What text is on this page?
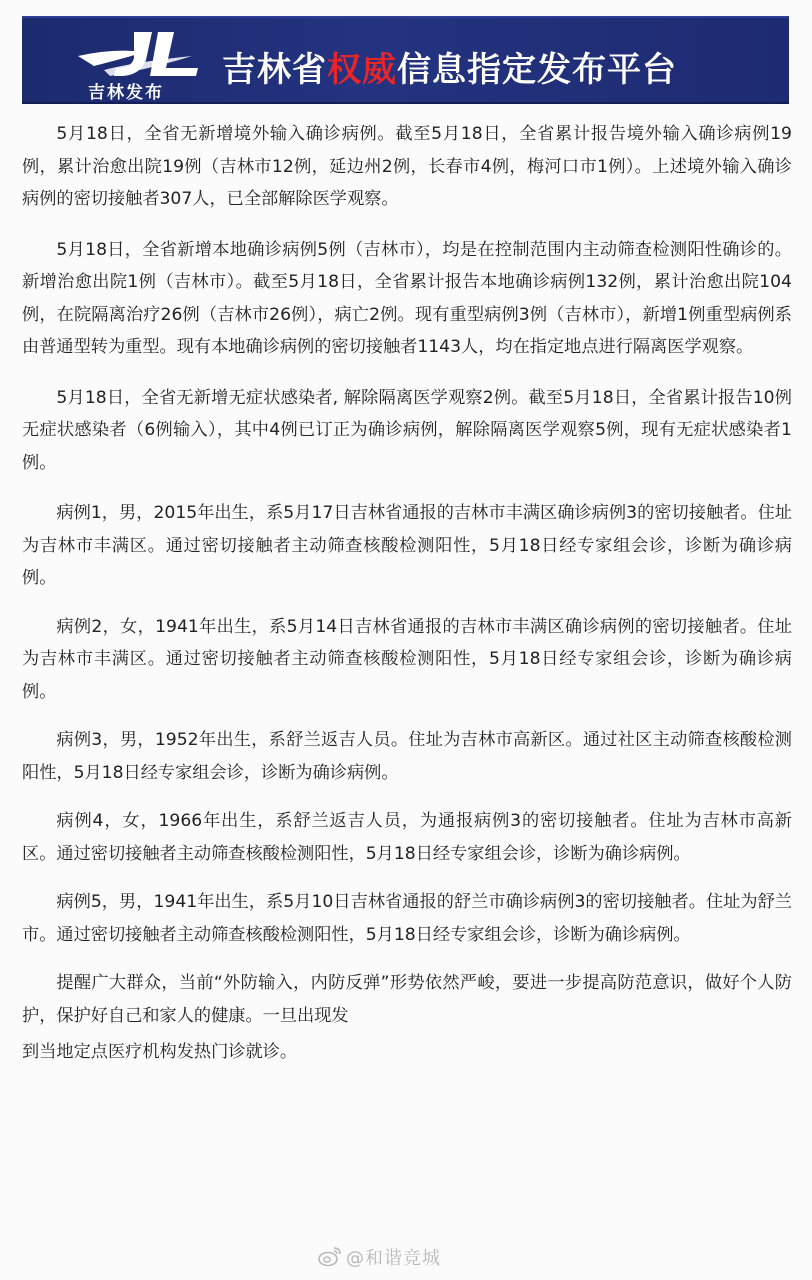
吉林发布
吉林省权威信息指定发布平台

5月18日，全省无新增境外输入确诊病例。截至5月18日，全省累计报告境外输入确诊病例19例，累计治愈出院19例（吉林市12例，延边州2例，长春市4例，梅河口市1例）。上述境外输入确诊病例的密切接触者307人，已全部解除医学观察。

5月18日，全省新增本地确诊病例5例（吉林市），均是在控制范围内主动筛查检测阳性确诊的。新增治愈出院1例（吉林市）。截至5月18日，全省累计报告本地确诊病例132例，累计治愈出院104例，在院隔离治疗26例（吉林市26例），病亡2例。现有重型病例3例（吉林市），新增1例重型病例系由普通型转为重型。现有本地确诊病例的密切接触者1143人，均在指定地点进行隔离医学观察。

5月18日，全省无新增无症状感染者, 解除隔离医学观察2例。截至5月18日，全省累计报告10例无症状感染者（6例输入），其中4例已订正为确诊病例，解除隔离医学观察5例，现有无症状感染者1例。

病例1，男，2015年出生，系5月17日吉林省通报的吉林市丰满区确诊病例3的密切接触者。住址为吉林市丰满区。通过密切接触者主动筛查核酸检测阳性，5月18日经专家组会诊，诊断为确诊病例。

病例2，女，1941年出生，系5月14日吉林省通报的吉林市丰满区确诊病例的密切接触者。住址为吉林市丰满区。通过密切接触者主动筛查核酸检测阳性，5月18日经专家组会诊，诊断为确诊病例。

病例3，男，1952年出生，系舒兰返吉人员。住址为吉林市高新区。通过社区主动筛查核酸检测阳性，5月18日经专家组会诊，诊断为确诊病例。

病例4，女，1966年出生，系舒兰返吉人员，为通报病例3的密切接触者。住址为吉林市高新区。通过密切接触者主动筛查核酸检测阳性，5月18日经专家组会诊，诊断为确诊病例。

病例5，男，1941年出生，系5月10日吉林省通报的舒兰市确诊病例3的密切接触者。住址为舒兰市。通过密切接触者主动筛查核酸检测阳性，5月18日经专家组会诊，诊断为确诊病例。

提醒广大群众，当前“外防输入，内防反弹”形势依然严峻，要进一步提高防范意识，做好个人防护，保护好自己和家人的健康。一旦出现发

到当地定点医疗机构发热门诊就诊。

@和谐竞城
